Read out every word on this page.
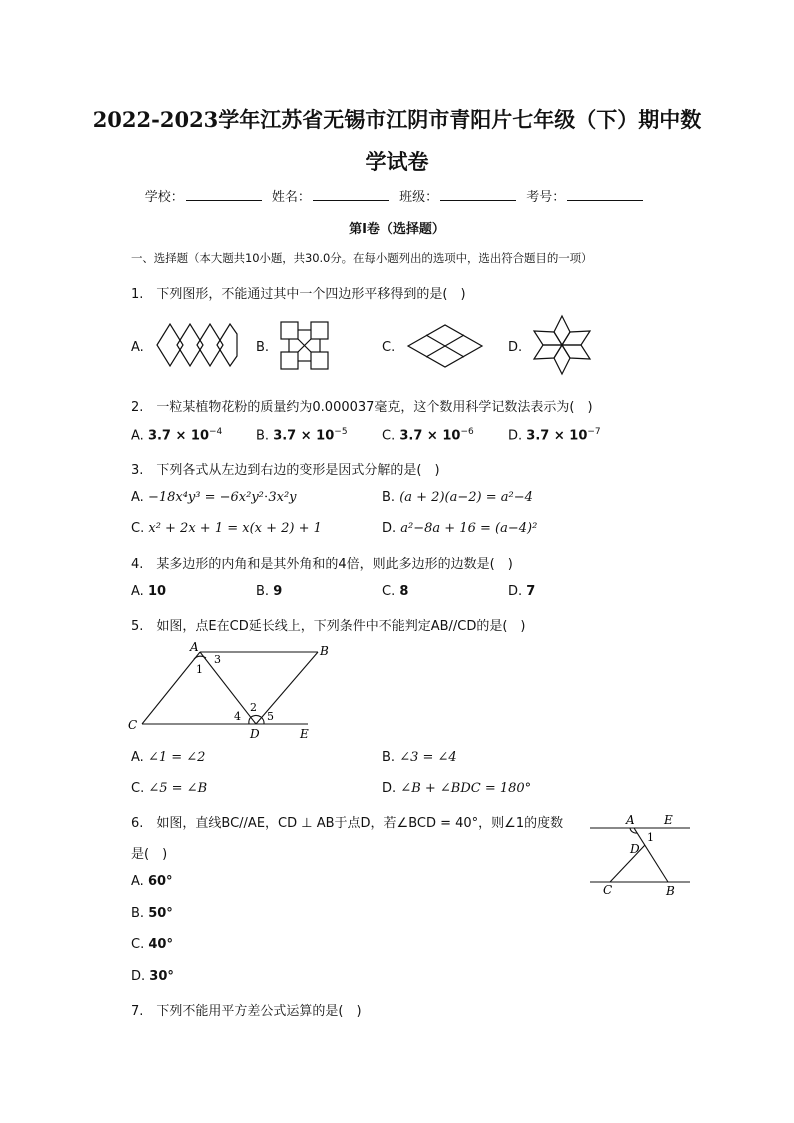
2022-2023学年江苏省无锡市江阴市青阳片七年级（下）期中数
学试卷
学校：	姓名：	班级：	考号：
第Ⅰ卷（选择题）
一、选择题（本大题共10小题，共30.0分。在每小题列出的选项中，选出符合题目的一项）
1.　下列图形，不能通过其中一个四边形平移得到的是(　)
A.	B.	C.	D.
2.　一粒某植物花粉的质量约为0.000037毫克，这个数用科学记数法表示为(　)
A. $3.7 \times 10^{-4}$	B. $3.7 \times 10^{-5}$	C. $3.7 \times 10^{-6}$	D. $3.7 \times 10^{-7}$
3.　下列各式从左边到右边的变形是因式分解的是(　)
A. −18x⁴y³ = −6x²y²⋅3x²y	B. (a + 2)(a−2) = a²−4
C. x² + 2x + 1 = x(x + 2) + 1	D. a²−8a + 16 = (a−4)²
4.　某多边形的内角和是其外角和的4倍，则此多边形的边数是(　)
A. 10	B. 9	C. 8	D. 7
5.　如图，点E在CD延长线上，下列条件中不能判定AB//CD的是(　)
A	B
C
D	E
1
3
2
4 5
A. ∠1 = ∠2	B. ∠3 = ∠4
C. ∠5 = ∠B	D. ∠B + ∠BDC = 180°
6.　如图，直线BC//AE，CD ⊥ AB于点D，若∠BCD = 40°，则∠1的度数
是(　)
A E
1
D
C	B
A. 60°
B. 50°
C. 40°
D. 30°
7.　下列不能用平方差公式运算的是(　)
